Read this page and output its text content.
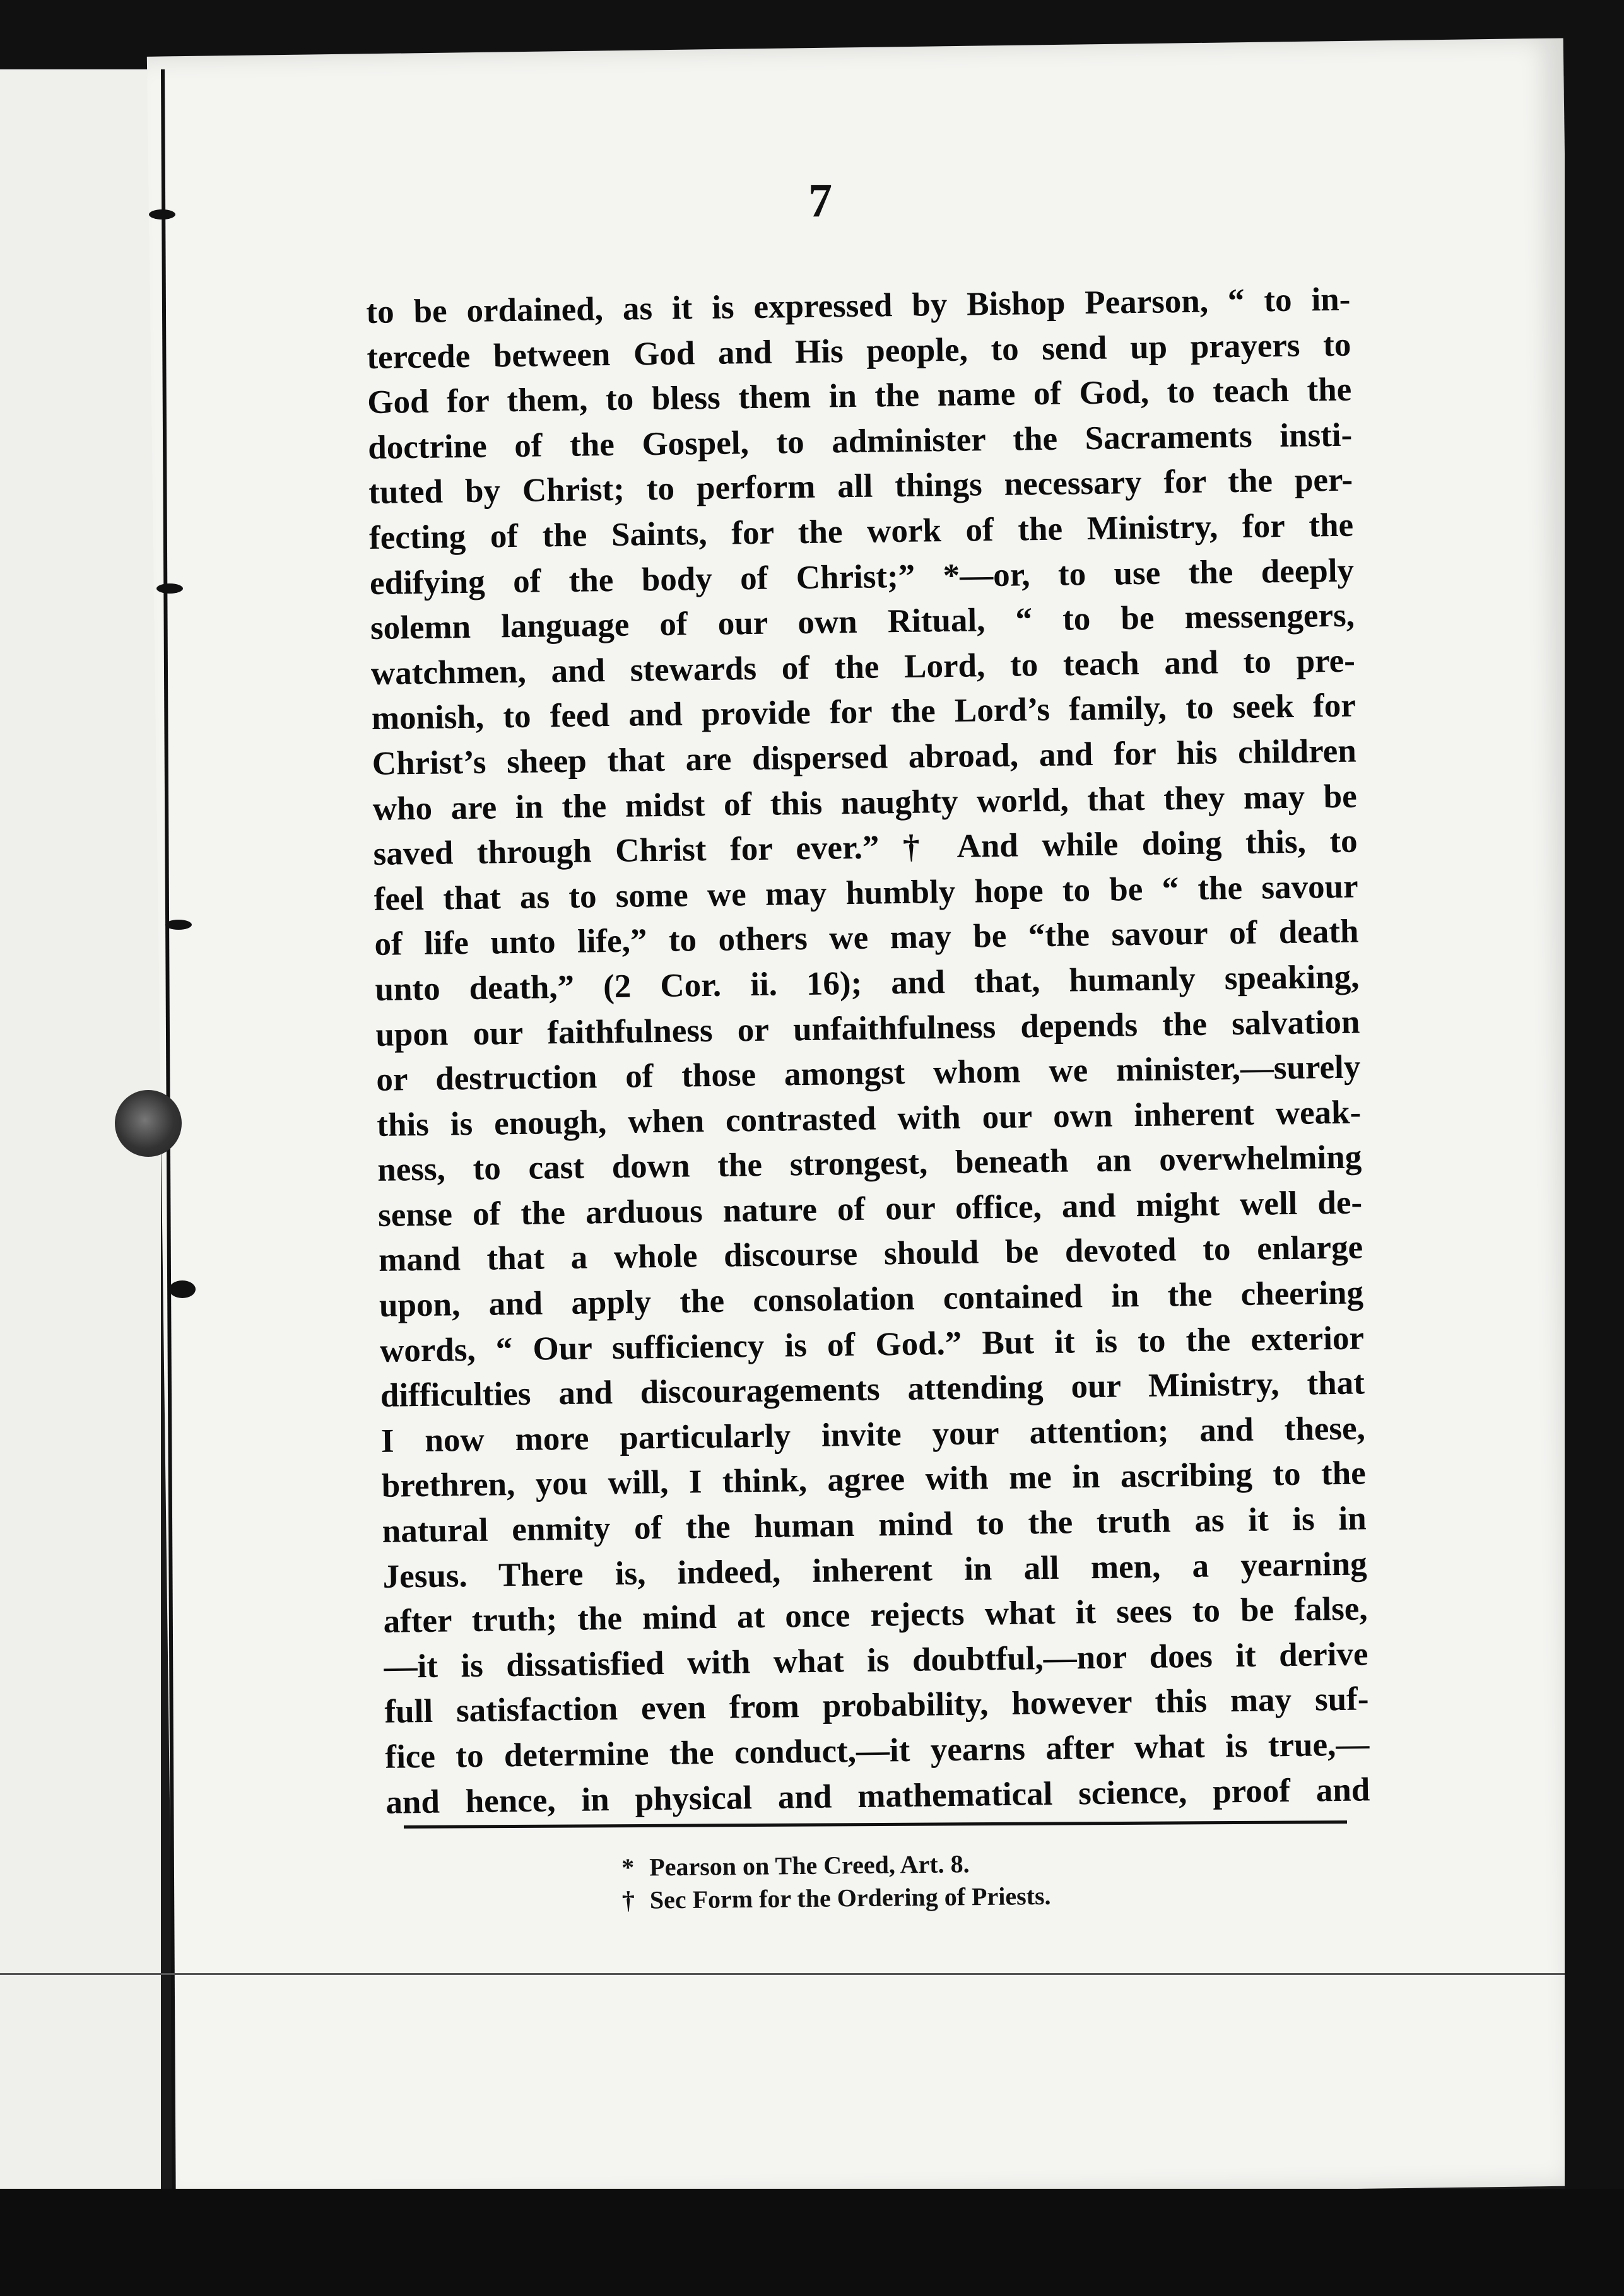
7
to be ordained, as it is expressed by Bishop Pearson, “ to in-
tercede between God and His people, to send up prayers to
God for them, to bless them in the name of God, to teach the
doctrine of the Gospel, to administer the Sacraments insti-
tuted by Christ; to perform all things necessary for the per-
fecting of the Saints, for the work of the Ministry, for the
edifying of the body of Christ;” *—or, to use the deeply
solemn language of our own Ritual, “ to be messengers,
watchmen, and stewards of the Lord, to teach and to pre-
monish, to feed and provide for the Lord’s family, to seek for
Christ’s sheep that are dispersed abroad, and for his children
who are in the midst of this naughty world, that they may be
saved through Christ for ever.” † And while doing this, to
feel that as to some we may humbly hope to be “ the savour
of life unto life,” to others we may be “the savour of death
unto death,” (2 Cor. ii. 16); and that, humanly speaking,
upon our faithfulness or unfaithfulness depends the salvation
or destruction of those amongst whom we minister,—surely
this is enough, when contrasted with our own inherent weak-
ness, to cast down the strongest, beneath an overwhelming
sense of the arduous nature of our office, and might well de-
mand that a whole discourse should be devoted to enlarge
upon, and apply the consolation contained in the cheering
words, “ Our sufficiency is of God.” But it is to the exterior
difficulties and discouragements attending our Ministry, that
I now more particularly invite your attention; and these,
brethren, you will, I think, agree with me in ascribing to the
natural enmity of the human mind to the truth as it is in
Jesus. There is, indeed, inherent in all men, a yearning
after truth; the mind at once rejects what it sees to be false,
—it is dissatisfied with what is doubtful,—nor does it derive
full satisfaction even from probability, however this may suf-
fice to determine the conduct,—it yearns after what is true,—
and hence, in physical and mathematical science, proof and
* Pearson on The Creed, Art. 8.
† Sec Form for the Ordering of Priests.
